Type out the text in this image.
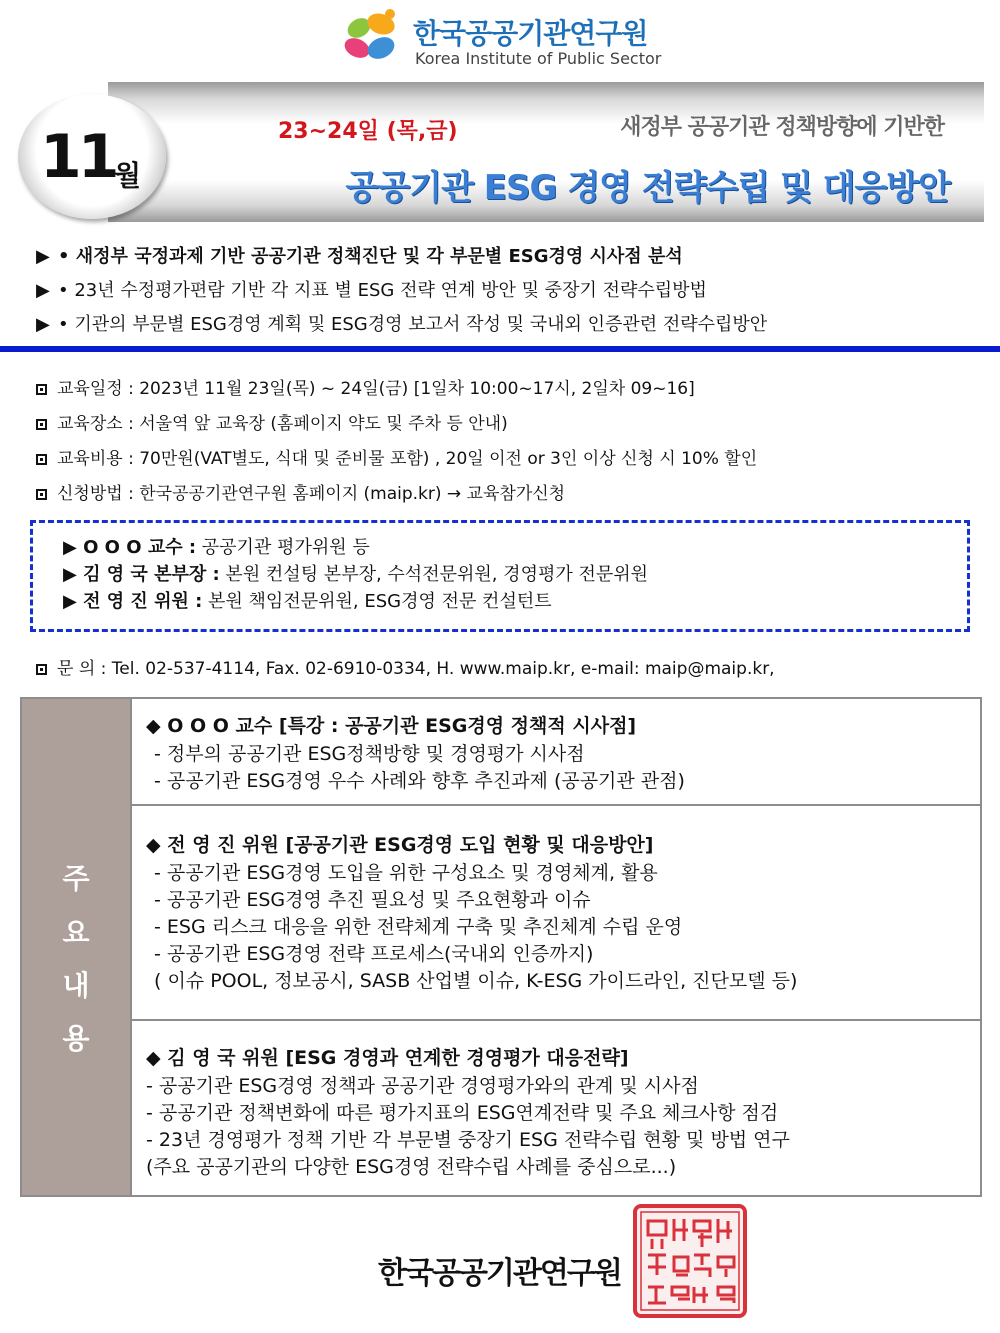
한국공공기관연구원
Korea Institute of Public Sector
23~24일 (목,금)	새정부 공공기관 정책방향에 기반한
공공기관 ESG 경영 전략수립 및 대응방안
11
월
▶ • 새정부 국정과제 기반 공공기관 정책진단 및 각 부문별 ESG경영 시사점 분석
▶ • 23년 수정평가편람 기반 각 지표 별 ESG 전략 연계 방안 및 중장기 전략수립방법
▶ • 기관의 부문별 ESG경영 계획 및 ESG경영 보고서 작성 및 국내외 인증관련 전략수립방안
교육일정 : 2023년 11월 23일(목) ~ 24일(금) [1일차 10:00~17시, 2일차 09~16]
교육장소 : 서울역 앞 교육장 (홈페이지 약도 및 주차 등 안내)
교육비용 : 70만원(VAT별도, 식대 및 준비물 포함) , 20일 이전 or 3인 이상 신청 시 10% 할인
신청방법 : 한국공공기관연구원 홈페이지 (maip.kr) → 교육참가신청
▶ O O O 교수 : 공공기관 평가위원 등
▶ 김 영 국 본부장 : 본원 컨설팅 본부장, 수석전문위원, 경영평가 전문위원
▶ 전 영 진 위원 : 본원 책임전문위원, ESG경영 전문 컨설턴트
문 의 : Tel. 02-537-4114, Fax. 02-6910-0334, H. www.maip.kr, e-mail: maip@maip.kr,
주
요
내
용
◆ O O O 교수 [특강 : 공공기관 ESG경영 정책적 시사점]
- 정부의 공공기관 ESG정책방향 및 경영평가 시사점
- 공공기관 ESG경영 우수 사례와 향후 추진과제 (공공기관 관점)
◆ 전 영 진 위원 [공공기관 ESG경영 도입 현황 및 대응방안]
- 공공기관 ESG경영 도입을 위한 구성요소 및 경영체계, 활용
- 공공기관 ESG경영 추진 필요성 및 주요현황과 이슈
- ESG 리스크 대응을 위한 전략체계 구축 및 추진체계 수립 운영
- 공공기관 ESG경영 전략 프로세스(국내외 인증까지)
( 이슈 POOL, 정보공시, SASB 산업별 이슈, K-ESG 가이드라인, 진단모델 등)
◆ 김 영 국 위원 [ESG 경영과 연계한 경영평가 대응전략]
- 공공기관 ESG경영 정책과 공공기관 경영평가와의 관계 및 시사점
- 공공기관 정책변화에 따른 평가지표의 ESG연계전략 및 주요 체크사항 점검
- 23년 경영평가 정책 기반 각 부문별 중장기 ESG 전략수립 현황 및 방법 연구
(주요 공공기관의 다양한 ESG경영 전략수립 사례를 중심으로...)
한국공공기관연구원
